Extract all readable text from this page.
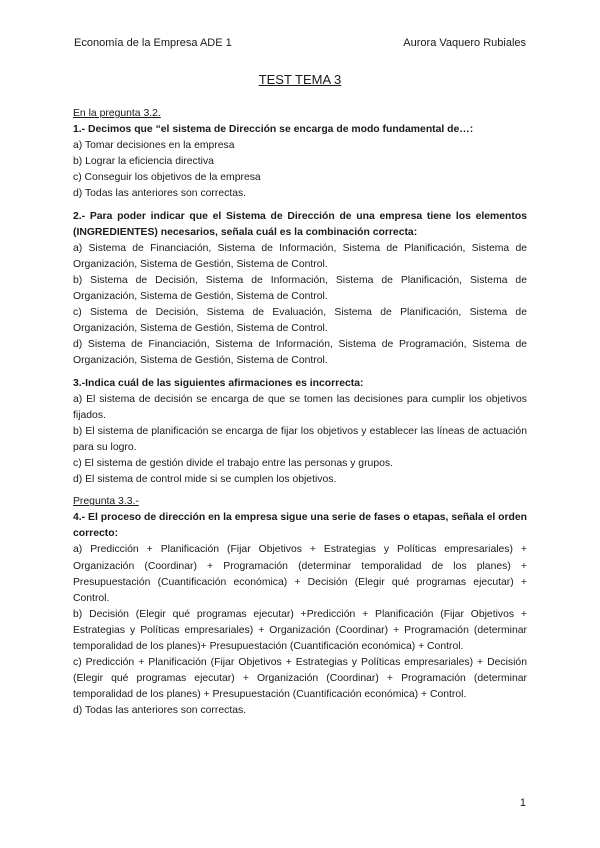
Economía de la Empresa ADE 1	Aurora Vaquero Rubiales
TEST TEMA 3

En la pregunta 3.2.

1.- Decimos que “el sistema de Dirección se encarga de modo fundamental de…:

a) Tomar decisiones en la empresa

b) Lograr la eficiencia directiva

c) Conseguir los objetivos de la empresa

d) Todas las anteriores son correctas.

2.- Para poder indicar que el Sistema de Dirección de una empresa tiene los elementos (INGREDIENTES) necesarios, señala cuál es la combinación correcta:

a) Sistema de Financiación, Sistema de Información, Sistema de Planificación, Sistema de Organización, Sistema de Gestión, Sistema de Control.

b) Sistema de Decisión, Sistema de Información, Sistema de Planificación, Sistema de Organización, Sistema de Gestión, Sistema de Control.

c) Sistema de Decisión, Sistema de Evaluación, Sistema de Planificación, Sistema de Organización, Sistema de Gestión, Sistema de Control.

d) Sistema de Financiación, Sistema de Información, Sistema de Programación, Sistema de Organización, Sistema de Gestión, Sistema de Control.

3.-Indica cuál de las siguientes afirmaciones es incorrecta:

a) El sistema de decisión se encarga de que se tomen las decisiones para cumplir los objetivos fijados.

b) El sistema de planificación se encarga de fijar los objetivos y establecer las líneas de actuación para su logro.

c) El sistema de gestión divide el trabajo entre las personas y grupos.

d) El sistema de control mide si se cumplen los objetivos.

Pregunta 3.3.-

4.- El proceso de dirección en la empresa sigue una serie de fases o etapas, señala el orden correcto:

a) Predicción + Planificación (Fijar Objetivos + Estrategias y Políticas empresariales) + Organización (Coordinar) + Programación (determinar temporalidad de los planes) + Presupuestación (Cuantificación económica) + Decisión (Elegir qué programas ejecutar) + Control.

b) Decisión (Elegir qué programas ejecutar) +Predicción + Planificación (Fijar Objetivos + Estrategias y Políticas empresariales) + Organización (Coordinar) + Programación (determinar temporalidad de los planes)+ Presupuestación (Cuantificación económica) + Control.

c) Predicción + Planificación (Fijar Objetivos + Estrategias y Políticas empresariales) + Decisión (Elegir qué programas ejecutar) + Organización (Coordinar) + Programación (determinar temporalidad de los planes) + Presupuestación (Cuantificación económica) + Control.

d) Todas las anteriores son correctas.

1
